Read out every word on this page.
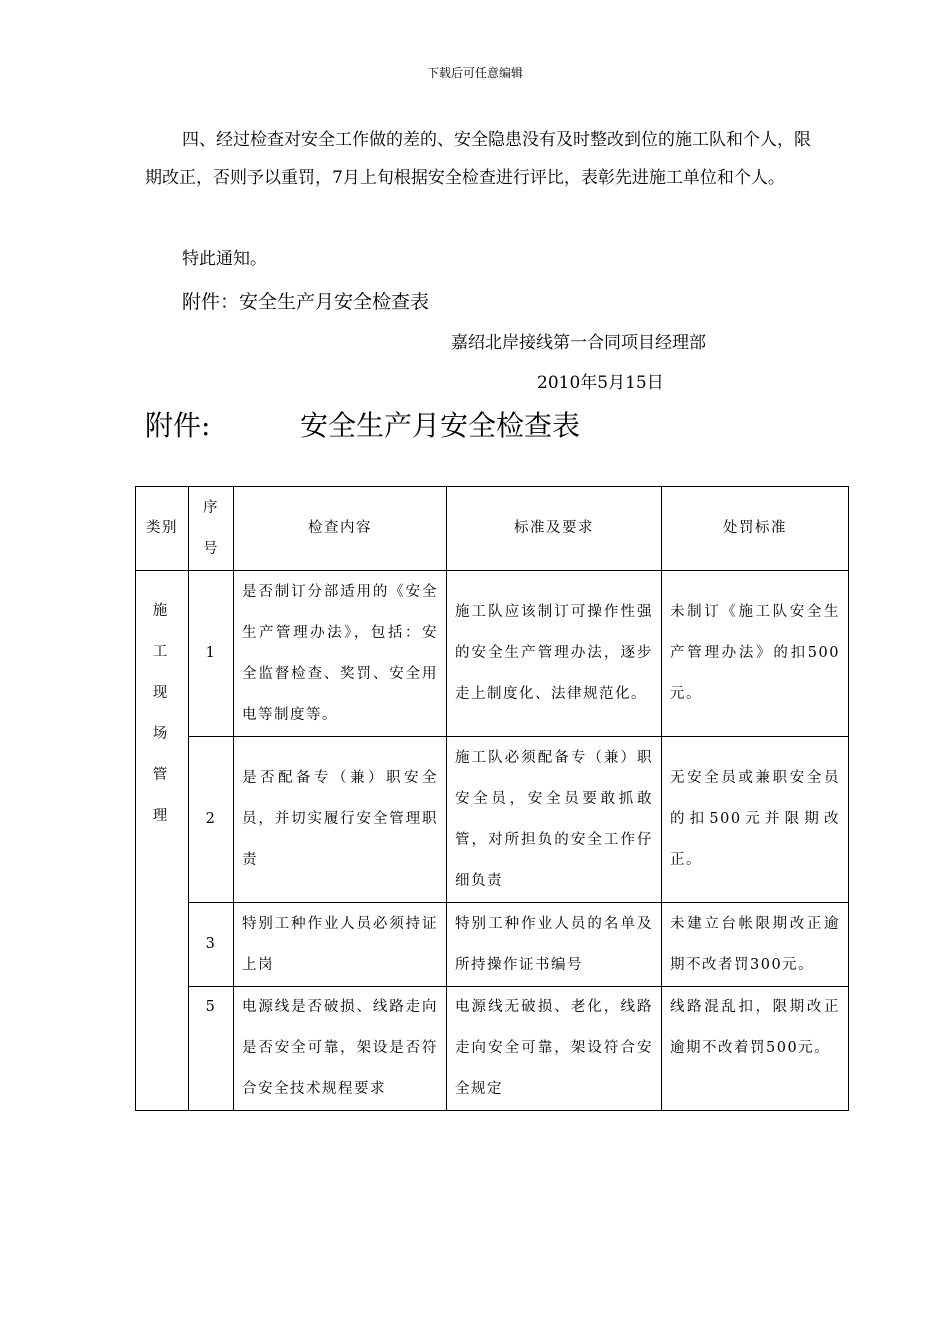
下载后可任意编辑

四、经过检查对安全工作做的差的、安全隐患没有及时整改到位的施工队和个人，限期改正，否则予以重罚，7月上旬根据安全检查进行评比，表彰先进施工单位和个人。

特此通知。
附件：安全生产月安全检查表
嘉绍北岸接线第一合同项目经理部
2010年5月15日
附件:	安全生产月安全检查表
类别	序号	检查内容	标准及要求	处罚标准

施工现场管理	1	是否制订分部适用的《安全生产管理办法》，包括：安全监督检查、奖罚、安全用电等制度等。	施工队应该制订可操作性强的安全生产管理办法，逐步走上制度化、法律规范化。	未制订《施工队安全生产管理办法》的扣500元。
	2	是否配备专（兼）职安全员，并切实履行安全管理职责	施工队必须配备专（兼）职安全员，安全员要敢抓敢管，对所担负的安全工作仔细负责	无安全员或兼职安全员的扣500元并限期改正。
	3	特别工种作业人员必须持证上岗	特别工种作业人员的名单及所持操作证书编号	未建立台帐限期改正逾期不改者罚300元。
	5	电源线是否破损、线路走向是否安全可靠，架设是否符合安全技术规程要求	电源线无破损、老化，线路走向安全可靠，架设符合安全规定	线路混乱扣，限期改正逾期不改着罚500元。
